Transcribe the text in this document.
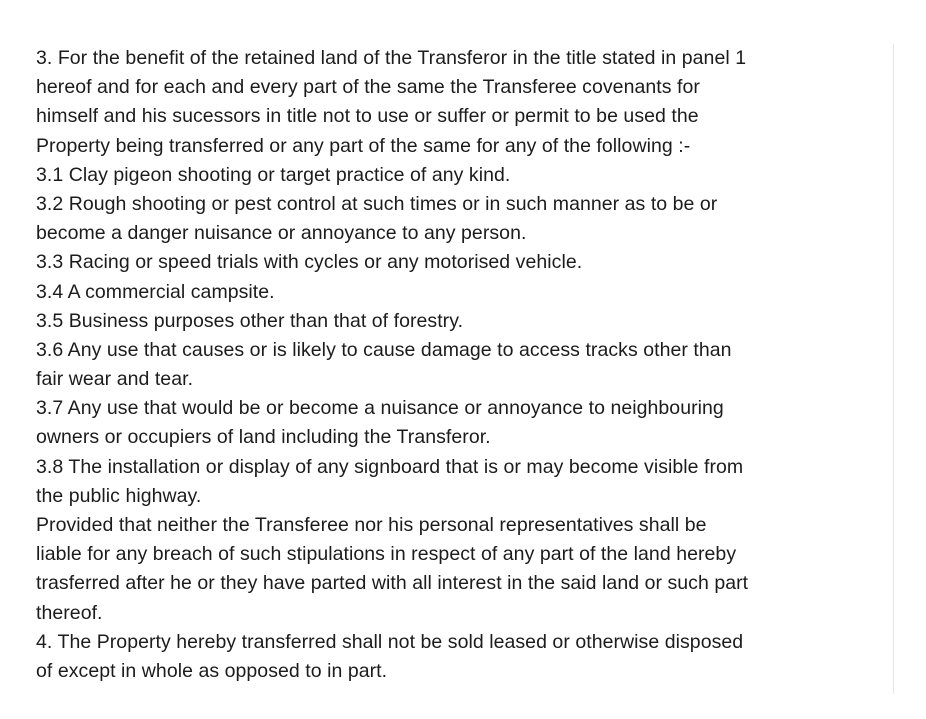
3. For the benefit of the retained land of the Transferor in the title stated in panel 1
hereof and for each and every part of the same the Transferee covenants for
himself and his sucessors in title not to use or suffer or permit to be used the
Property being transferred or any part of the same for any of the following :-
3.1 Clay pigeon shooting or target practice of any kind.
3.2 Rough shooting or pest control at such times or in such manner as to be or
become a danger nuisance or annoyance to any person.
3.3 Racing or speed trials with cycles or any motorised vehicle.
3.4 A commercial campsite.
3.5 Business purposes other than that of forestry.
3.6 Any use that causes or is likely to cause damage to access tracks other than
fair wear and tear.
3.7 Any use that would be or become a nuisance or annoyance to neighbouring
owners or occupiers of land including the Transferor.
3.8 The installation or display of any signboard that is or may become visible from
the public highway.
Provided that neither the Transferee nor his personal representatives shall be
liable for any breach of such stipulations in respect of any part of the land hereby
trasferred after he or they have parted with all interest in the said land or such part
thereof.
4. The Property hereby transferred shall not be sold leased or otherwise disposed
of except in whole as opposed to in part.
